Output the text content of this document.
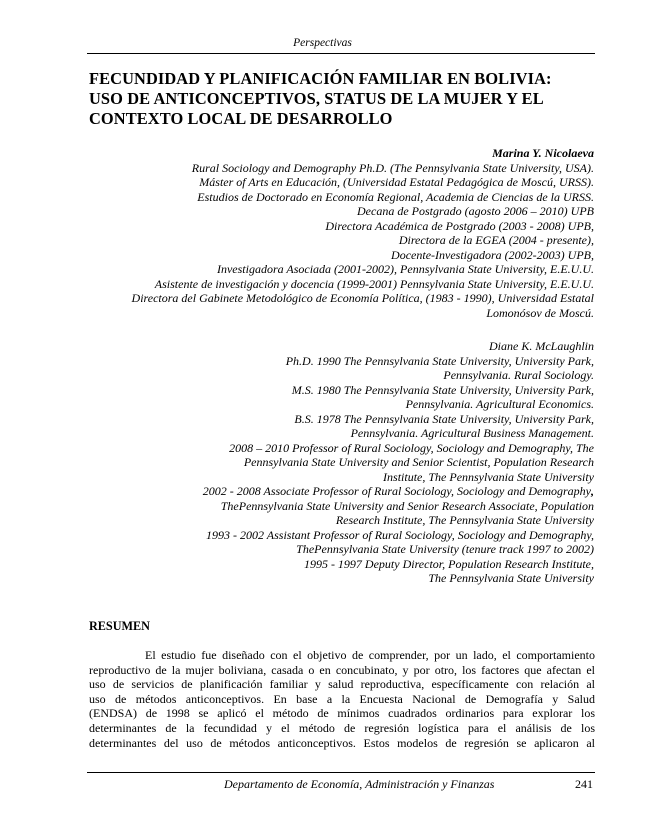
Perspectivas
FECUNDIDAD Y PLANIFICACIÓN FAMILIAR EN BOLIVIA:
USO DE ANTICONCEPTIVOS, STATUS DE LA MUJER Y EL
CONTEXTO LOCAL DE DESARROLLO
Marina Y. Nicolaeva
Rural Sociology and Demography Ph.D. (The Pennsylvania State University, USA).
Máster of Arts en Educación, (Universidad Estatal Pedagógica de Moscú, URSS).
Estudios de Doctorado en Economía Regional, Academia de Ciencias de la URSS.
Decana de Postgrado (agosto 2006 – 2010) UPB
Directora Académica de Postgrado (2003 - 2008) UPB,
Directora de la EGEA (2004 - presente),
Docente-Investigadora (2002-2003) UPB,
Investigadora Asociada (2001-2002), Pennsylvania State University, E.E.U.U.
Asistente de investigación y docencia (1999-2001) Pennsylvania State University, E.E.U.U.
Directora del Gabinete Metodológico de Economía Política, (1983 - 1990), Universidad Estatal
Lomonósov de Moscú.
Diane K. McLaughlin
Ph.D. 1990 The Pennsylvania State University, University Park,
Pennsylvania. Rural Sociology.
M.S. 1980 The Pennsylvania State University, University Park,
Pennsylvania. Agricultural Economics.
B.S. 1978 The Pennsylvania State University, University Park,
Pennsylvania. Agricultural Business Management.
2008 – 2010 Professor of Rural Sociology, Sociology and Demography, The
Pennsylvania State University and Senior Scientist, Population Research
Institute, The Pennsylvania State University
2002 - 2008 Associate Professor of Rural Sociology, Sociology and Demography,
ThePennsylvania State University and Senior Research Associate, Population
Research Institute, The Pennsylvania State University
1993 - 2002 Assistant Professor of Rural Sociology, Sociology and Demography,
ThePennsylvania State University (tenure track 1997 to 2002)
1995 - 1997 Deputy Director, Population Research Institute,
The Pennsylvania State University
RESUMEN
El estudio fue diseñado con el objetivo de comprender, por un lado, el comportamiento
reproductivo de la mujer boliviana, casada o en concubinato, y por otro, los factores que afectan el
uso de servicios de planificación familiar y salud reproductiva, específicamente con relación al
uso de métodos anticonceptivos. En base a la Encuesta Nacional de Demografía y Salud
(ENDSA) de 1998 se aplicó el método de mínimos cuadrados ordinarios para explorar los
determinantes de la fecundidad y el método de regresión logística para el análisis de los
determinantes del uso de métodos anticonceptivos. Estos modelos de regresión se aplicaron al
Departamento de Economía, Administración y Finanzas	241
